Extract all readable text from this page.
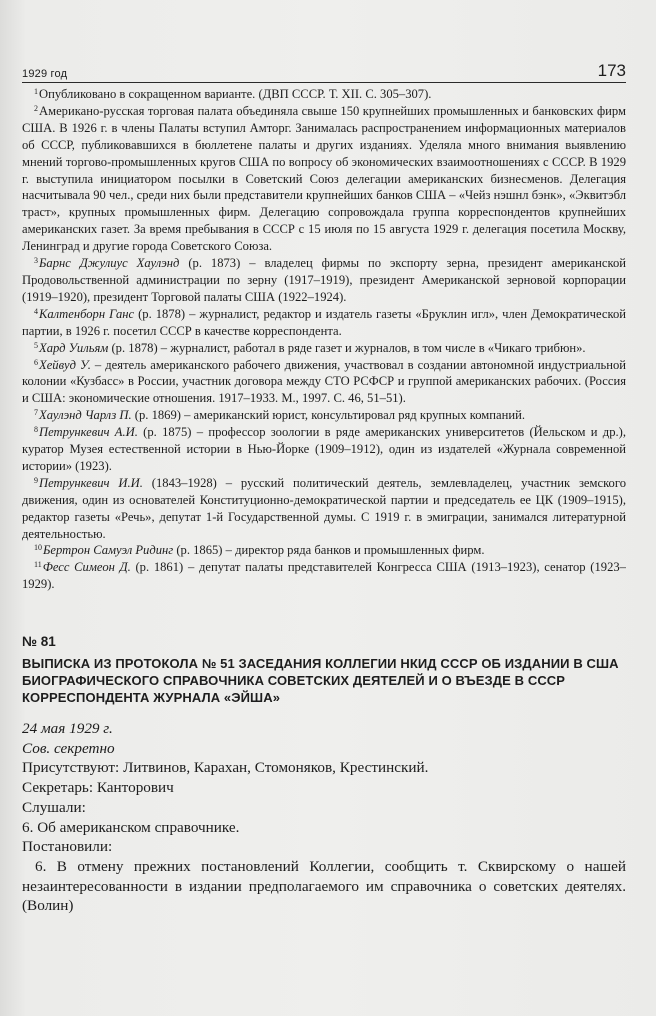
1929 год	173

$^1$Опубликовано в сокращенном варианте. (ДВП СССР. Т. XII. С. 305–307).

$^2$Американо-русская торговая палата объединяла свыше 150 крупнейших промышленных и банковских фирм США. В 1926 г. в члены Палаты вступил Амторг. Занималась распространением информационных материалов об СССР, публиковавшихся в бюллетене палаты и других изданиях. Уделяла много внимания выявлению мнений торгово-промышленных кругов США по вопросу об экономических взаимоотношениях с СССР. В 1929 г. выступила инициатором посылки в Советский Союз делегации американских бизнесменов. Делегация насчитывала 90 чел., среди них были представители крупнейших банков США – «Чейз нэшнл бэнк», «Эквитэбл траст», крупных промышленных фирм. Делегацию сопровождала группа корреспондентов крупнейших американских газет. За время пребывания в СССР с 15 июля по 15 августа 1929 г. делегация посетила Москву, Ленинград и другие города Советского Союза.

$^3$Барнс Джулиус Хаулэнд (р. 1873) – владелец фирмы по экспорту зерна, президент американской Продовольственной администрации по зерну (1917–1919), президент Американской зерновой корпорации (1919–1920), президент Торговой палаты США (1922–1924).

$^4$Калтенборн Ганс (р. 1878) – журналист, редактор и издатель газеты «Бруклин игл», член Демократической партии, в 1926 г. посетил СССР в качестве корреспондента.

$^5$Хард Уильям (р. 1878) – журналист, работал в ряде газет и журналов, в том числе в «Чикаго трибюн».

$^6$Хейвуд У. – деятель американского рабочего движения, участвовал в создании автономной индустриальной колонии «Кузбасс» в России, участник договора между СТО РСФСР и группой американских рабочих. (Россия и США: экономические отношения. 1917–1933. М., 1997. С. 46, 51–51).

$^7$Хаулэнд Чарлз П. (р. 1869) – американский юрист, консультировал ряд крупных компаний.

$^8$Петрункевич А.И. (р. 1875) – профессор зоологии в ряде американских университетов (Йельском и др.), куратор Музея естественной истории в Нью-Йорке (1909–1912), один из издателей «Журнала современной истории» (1923).

$^9$Петрункевич И.И. (1843–1928) – русский политический деятель, землевладелец, участник земского движения, один из основателей Конституционно-демократической партии и председатель ее ЦК (1909–1915), редактор газеты «Речь», депутат 1-й Государственной думы. С 1919 г. в эмиграции, занимался литературной деятельностью.

$^{10}$Бертрон Самуэл Ридинг (р. 1865) – директор ряда банков и промышленных фирм.

$^{11}$Фесс Симеон Д. (р. 1861) – депутат палаты представителей Конгресса США (1913–1923), сенатор (1923–1929).

№ 81
ВЫПИСКА ИЗ ПРОТОКОЛА № 51 ЗАСЕДАНИЯ КОЛЛЕГИИ НКИД СССР ОБ ИЗДАНИИ В США БИОГРАФИЧЕСКОГО СПРАВОЧНИКА СОВЕТСКИХ ДЕЯТЕЛЕЙ И О ВЪЕЗДЕ В СССР КОРРЕСПОНДЕНТА ЖУРНАЛА «ЭЙША»

24 мая 1929 г.

Сов. секретно

Присутствуют: Литвинов, Карахан, Стомоняков, Крестинский.

Секретарь: Канторович

Слушали:

6. Об американском справочнике.

Постановили:

6. В отмену прежних постановлений Коллегии, сообщить т. Сквирскому о нашей незаинтересованности в издании предполагаемого им справочника о советских деятелях. (Волин)
